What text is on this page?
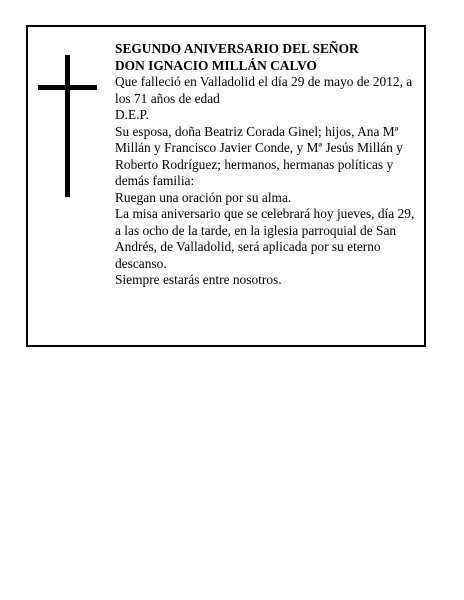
SEGUNDO ANIVERSARIO DEL SEÑOR

DON IGNACIO MILLÁN CALVO

Que falleció en Valladolid el día 29 de mayo de 2012, a los 71 años de edad

D.E.P.

Su esposa, doña Beatriz Corada Ginel; hijos, Ana Mª Millán y Francisco Javier Conde, y Mª Jesús Millán y Roberto Rodríguez; hermanos, hermanas políticas y demás familia:

Ruegan una oración por su alma.

La misa aniversario que se celebrará hoy jueves, día 29, a las ocho de la tarde, en la iglesia parroquial de San Andrés, de Valladolid, será aplicada por su eterno descanso.

Siempre estarás entre nosotros.
